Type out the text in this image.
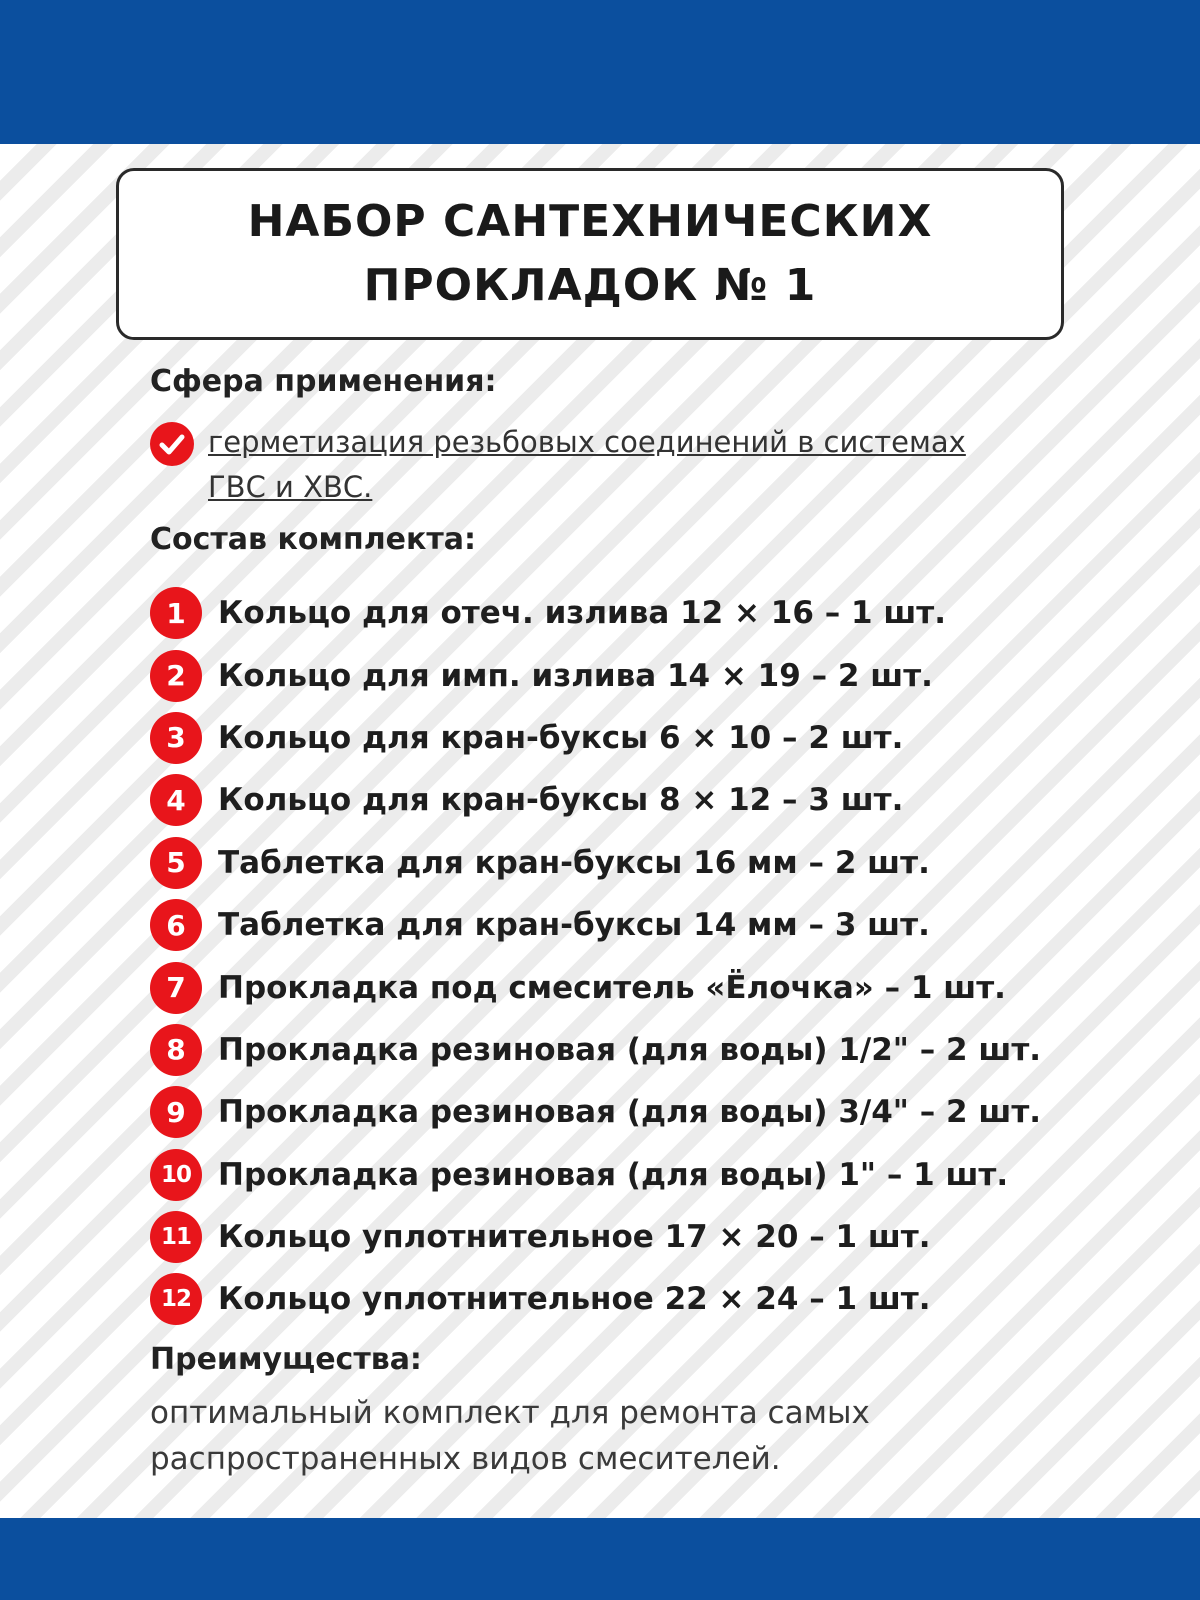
НАБОР САНТЕХНИЧЕСКИХ
ПРОКЛАДОК № 1
Сфера применения:
герметизация резьбовых соединений в системах ГВС и ХВС.
Состав комплекта:
1	Кольцо для отеч. излива 12 × 16 – 1 шт.
2	Кольцо для имп. излива 14 × 19 – 2 шт.
3	Кольцо для кран-буксы 6 × 10 – 2 шт.
4	Кольцо для кран-буксы 8 × 12 – 3 шт.
5	Таблетка для кран-буксы 16 мм – 2 шт.
6	Таблетка для кран-буксы 14 мм – 3 шт.
7	Прокладка под смеситель «Ёлочка» – 1 шт.
8	Прокладка резиновая (для воды) 1/2" – 2 шт.
9	Прокладка резиновая (для воды) 3/4" – 2 шт.
10 Прокладка резиновая (для воды) 1" – 1 шт.
11 Кольцо уплотнительное 17 × 20 – 1 шт.
12 Кольцо уплотнительное 22 × 24 – 1 шт.
Преимущества:
оптимальный комплект для ремонта самых распространенных видов смесителей.
